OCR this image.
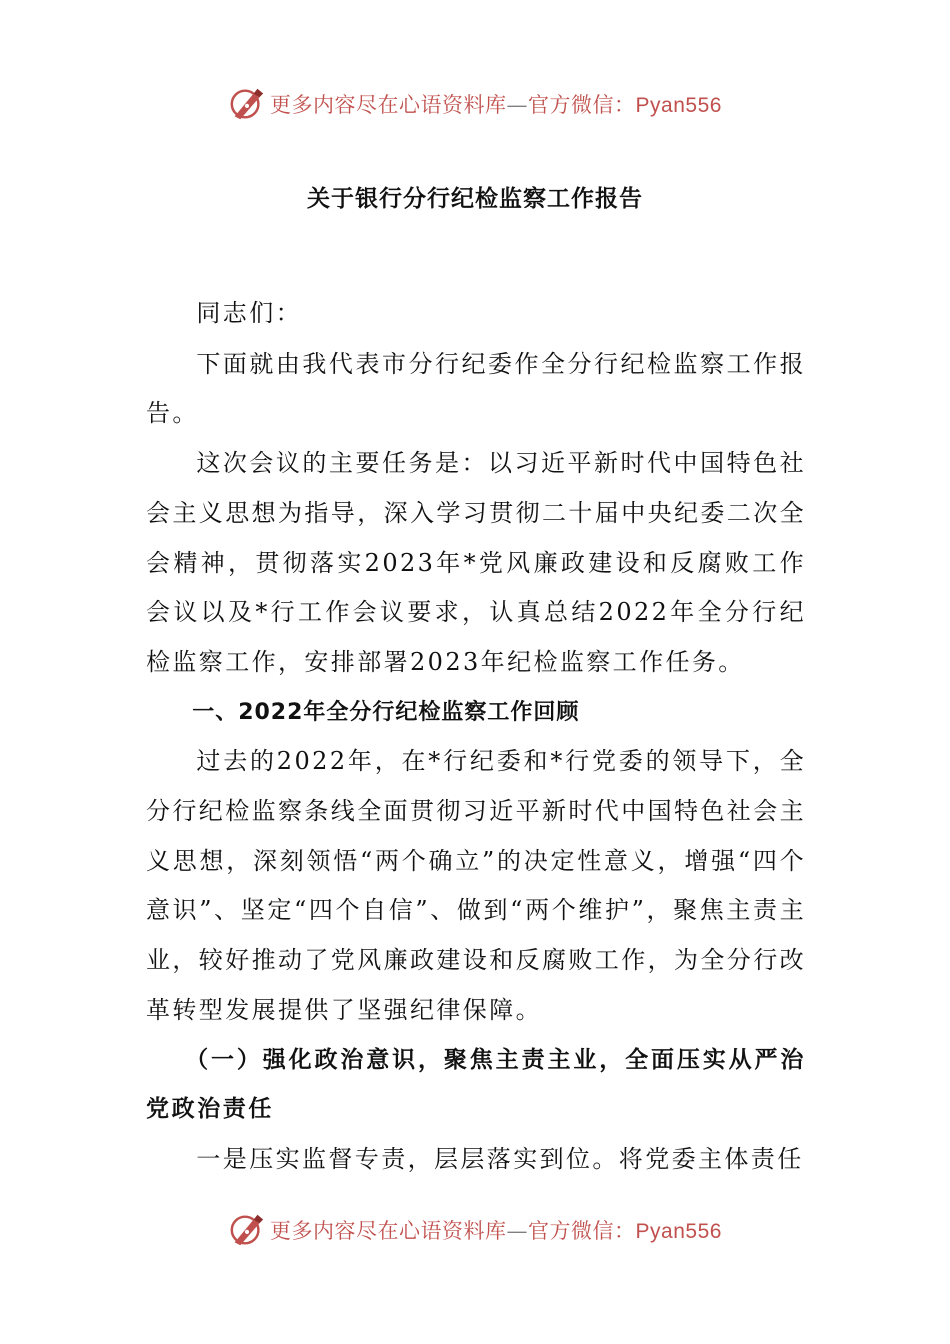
更多内容尽在心语资料库—官方微信：Pyan556
关于银行分行纪检监察工作报告

同志们：

下面就由我代表市分行纪委作全分行纪检监察工作报告。

这次会议的主要任务是：以习近平新时代中国特色社会主义思想为指导，深入学习贯彻二十届中央纪委二次全会精神，贯彻落实2023年*党风廉政建设和反腐败工作会议以及*行工作会议要求，认真总结2022年全分行纪检监察工作，安排部署2023年纪检监察工作任务。

一、2022年全分行纪检监察工作回顾

过去的2022年，在*行纪委和*行党委的领导下，全分行纪检监察条线全面贯彻习近平新时代中国特色社会主义思想，深刻领悟“两个确立”的决定性意义，增强“四个意识”、坚定“四个自信”、做到“两个维护”，聚焦主责主业，较好推动了党风廉政建设和反腐败工作，为全分行改革转型发展提供了坚强纪律保障。

（一）强化政治意识，聚焦主责主业，全面压实从严治党政治责任

一是压实监督专责，层层落实到位。将党委主体责任

更多内容尽在心语资料库—官方微信：Pyan556
